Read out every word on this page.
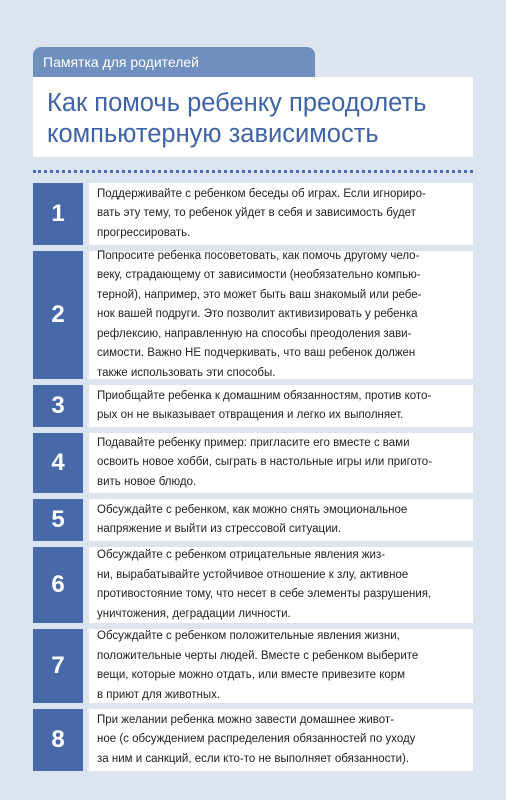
Памятка для родителей
Как помочь ребенку преодолеть
компьютерную зависимость
1
Поддерживайте с ребенком беседы об играх. Если игнориро-
вать эту тему, то ребенок уйдет в себя и зависимость будет
прогрессировать.
2
Попросите ребенка посоветовать, как помочь другому чело-
веку, страдающему от зависимости (необязательно компью-
терной), например, это может быть ваш знакомый или ребе-
нок вашей подруги. Это позволит активизировать у ребенка
рефлексию, направленную на способы преодоления зави-
симости. Важно НЕ подчеркивать, что ваш ребенок должен
также использовать эти способы.
3	Приобщайте ребенка к домашним обязанностям, против кото-
рых он не выказывает отвращения и легко их выполняет.
4
Подавайте ребенку пример: пригласите его вместе с вами
освоить новое хобби, сыграть в настольные игры или пригото-
вить новое блюдо.
5	Обсуждайте с ребенком, как можно снять эмоциональное
напряжение и выйти из стрессовой ситуации.
6
Обсуждайте с ребенком отрицательные явления жиз-
ни, вырабатывайте устойчивое отношение к злу, активное
противостояние тому, что несет в себе элементы разрушения,
уничтожения, деградации личности.
7
Обсуждайте с ребенком положительные явления жизни,
положительные черты людей. Вместе с ребенком выберите
вещи, которые можно отдать, или вместе привезите корм
в приют для животных.
8
При желании ребенка можно завести домашнее живот-
ное (с обсуждением распределения обязанностей по уходу
за ним и санкций, если кто-то не выполняет обязанности).
